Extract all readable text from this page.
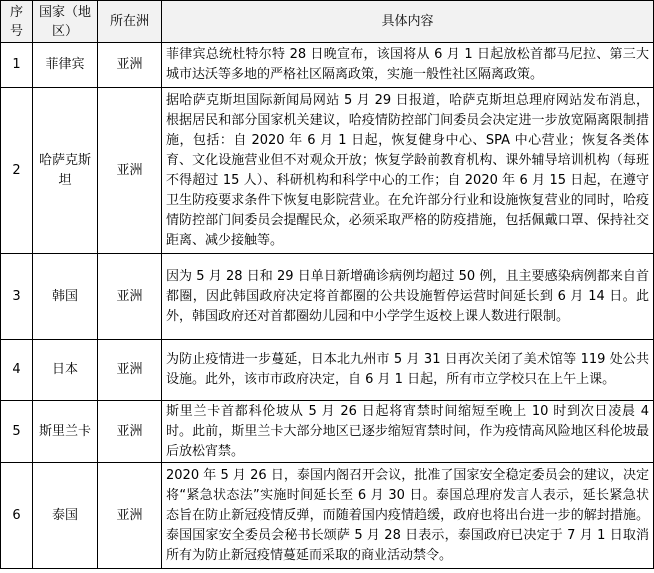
序号	国家（地区）	所在洲	具体内容
1	菲律宾	亚洲	菲律宾总统杜特尔特 28 日晚宣布，该国将从 6 月 1 日起放松首都马尼拉、第三大城市达沃等多地的严格社区隔离政策，实施一般性社区隔离政策。
2	哈萨克斯坦	亚洲	据哈萨克斯坦国际新闻局网站 5 月 29 日报道，哈萨克斯坦总理府网站发布消息，根据居民和部分国家机关建议，哈疫情防控部门间委员会决定进一步放宽隔离限制措施，包括：自 2020 年 6 月 1 日起，恢复健身中心、SPA 中心营业；恢复各类体育、文化设施营业但不对观众开放；恢复学龄前教育机构、课外辅导培训机构（每班不得超过 15 人）、科研机构和科学中心的工作；自 2020 年 6 月 15 日起，在遵守卫生防疫要求条件下恢复电影院营业。在允许部分行业和设施恢复营业的同时，哈疫情防控部门间委员会提醒民众，必须采取严格的防疫措施，包括佩戴口罩、保持社交距离、减少接触等。
3	韩国	亚洲	因为 5 月 28 日和 29 日单日新增确诊病例均超过 50 例，且主要感染病例都来自首都圈，因此韩国政府决定将首都圈的公共设施暂停运营时间延长到 6 月 14 日。此外，韩国政府还对首都圈幼儿园和中小学学生返校上课人数进行限制。
4	日本	亚洲	为防止疫情进一步蔓延，日本北九州市 5 月 31 日再次关闭了美术馆等 119 处公共设施。此外，该市市政府决定，自 6 月 1 日起，所有市立学校只在上午上课。
5	斯里兰卡	亚洲	斯里兰卡首都科伦坡从 5 月 26 日起将宵禁时间缩短至晚上 10 时到次日凌晨 4 时。此前，斯里兰卡大部分地区已逐步缩短宵禁时间，作为疫情高风险地区科伦坡最后放松宵禁。
6	泰国	亚洲	2020 年 5 月 26 日，泰国内阁召开会议，批准了国家安全稳定委员会的建议，决定将“紧急状态法”实施时间延长至 6 月 30 日。泰国总理府发言人表示，延长紧急状态旨在防止新冠疫情反弹，而随着国内疫情趋缓，政府也将出台进一步的解封措施。泰国国家安全委员会秘书长颂萨 5 月 28 日表示，泰国政府已决定于 7 月 1 日取消所有为防止新冠疫情蔓延而采取的商业活动禁令。
